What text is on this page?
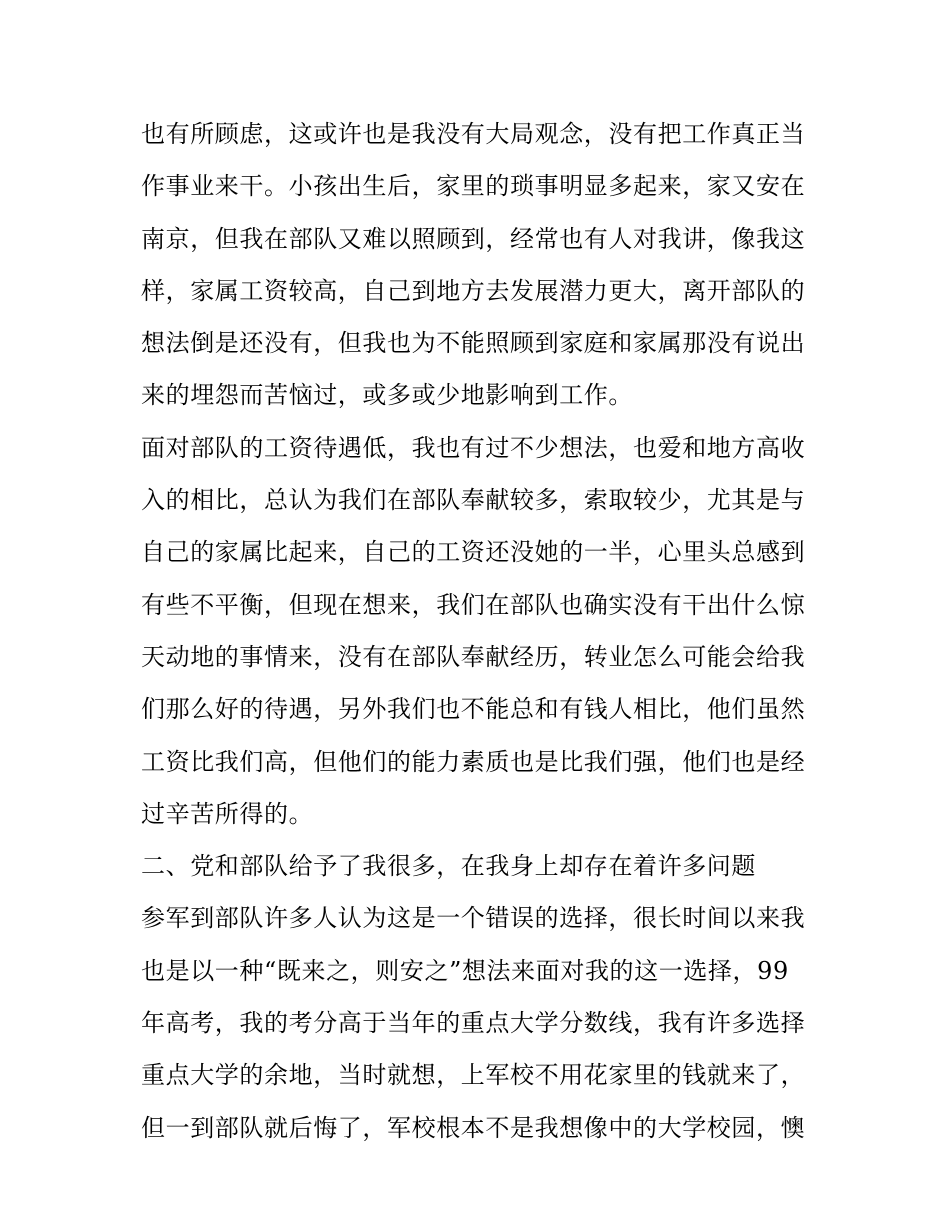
也有所顾虑，这或许也是我没有大局观念，没有把工作真正当
作事业来干。小孩出生后，家里的琐事明显多起来，家又安在
南京，但我在部队又难以照顾到，经常也有人对我讲，像我这
样，家属工资较高，自己到地方去发展潜力更大，离开部队的
想法倒是还没有，但我也为不能照顾到家庭和家属那没有说出
来的埋怨而苦恼过，或多或少地影响到工作。
面对部队的工资待遇低，我也有过不少想法，也爱和地方高收
入的相比，总认为我们在部队奉献较多，索取较少，尤其是与
自己的家属比起来，自己的工资还没她的一半，心里头总感到
有些不平衡，但现在想来，我们在部队也确实没有干出什么惊
天动地的事情来，没有在部队奉献经历，转业怎么可能会给我
们那么好的待遇，另外我们也不能总和有钱人相比，他们虽然
工资比我们高，但他们的能力素质也是比我们强，他们也是经
过辛苦所得的。
二、党和部队给予了我很多，在我身上却存在着许多问题
参军到部队许多人认为这是一个错误的选择，很长时间以来我
也是以一种“既来之，则安之”想法来面对我的这一选择，99
年高考，我的考分高于当年的重点大学分数线，我有许多选择
重点大学的余地，当时就想，上军校不用花家里的钱就来了，
但一到部队就后悔了，军校根本不是我想像中的大学校园，懊
